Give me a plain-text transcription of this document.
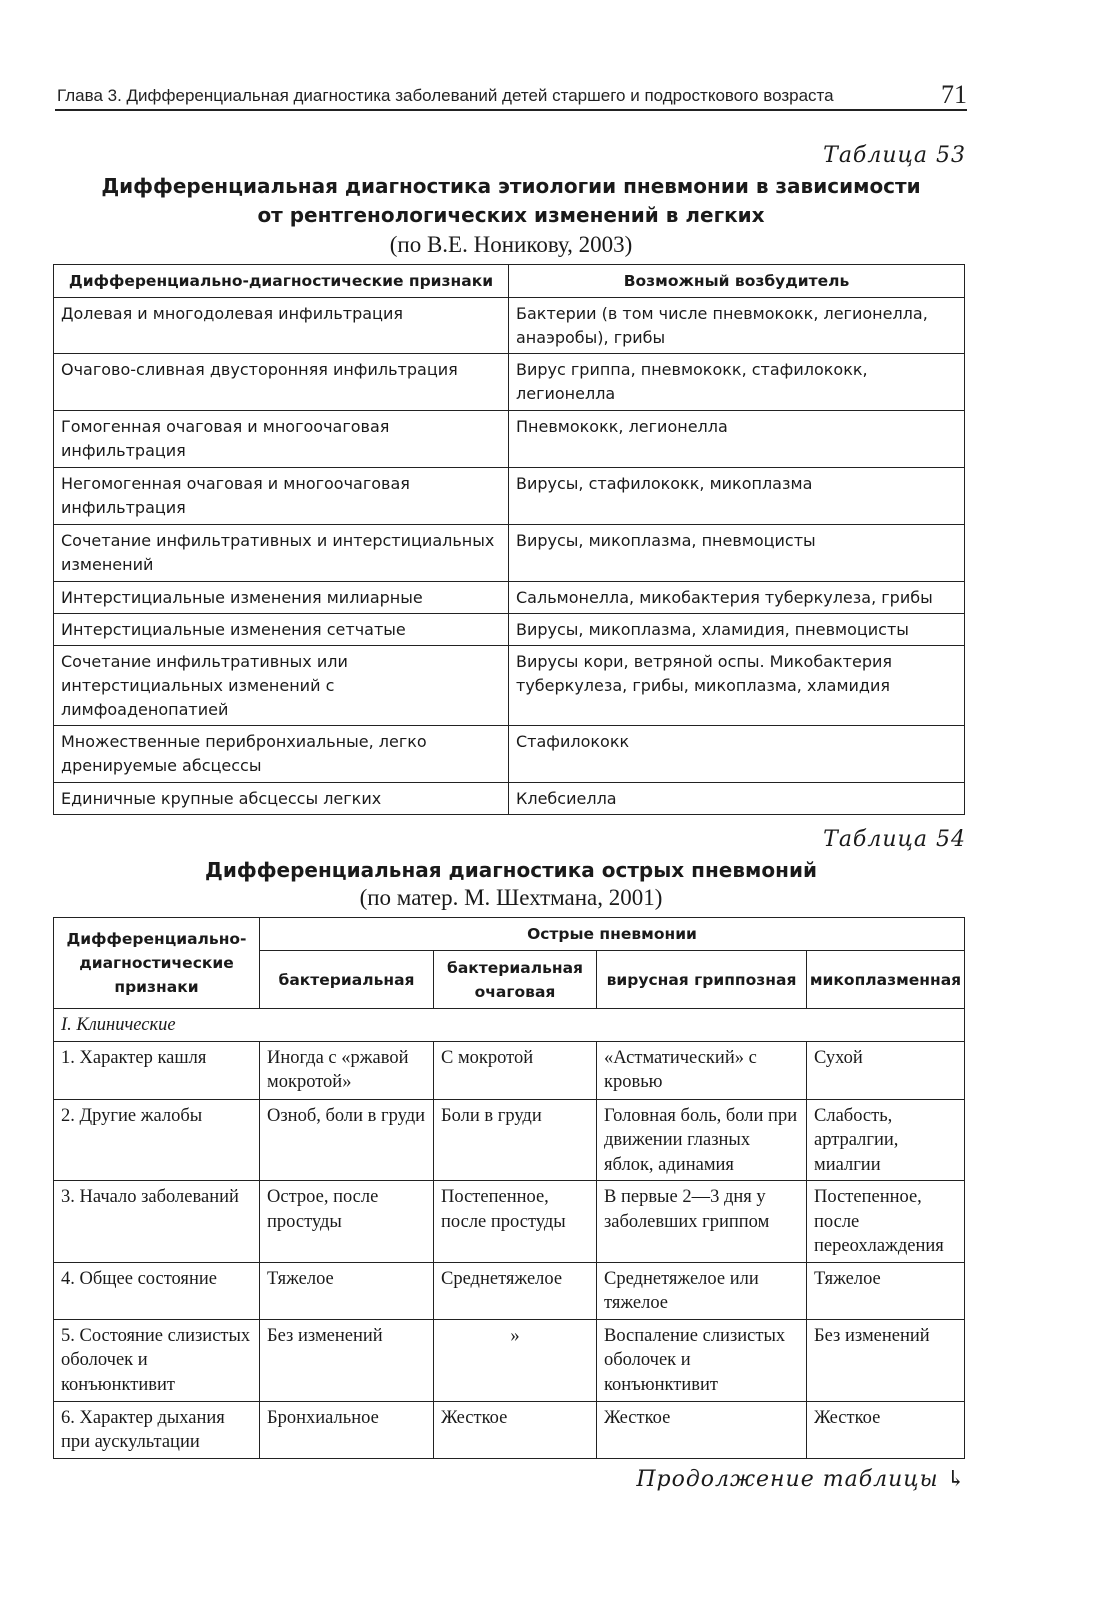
Глава 3. Дифференциальная диагностика заболеваний детей старшего и подросткового возраста	71
Таблица 53
Дифференциальная диагностика этиологии пневмонии в зависимости
от рентгенологических изменений в легких
(по В.Е. Ноникову, 2003)
Дифференциально-диагностические признаки	Возможный возбудитель
Долевая и многодолевая инфильтрация	Бактерии (в том числе пневмококк, легионелла, анаэробы), грибы
Очагово-сливная двусторонняя инфильтрация	Вирус гриппа, пневмококк, стафилококк, легионелла
Гомогенная очаговая и многоочаговая инфильтрация	Пневмококк, легионелла
Негомогенная очаговая и многоочаговая инфильтрация	Вирусы, стафилококк, микоплазма
Сочетание инфильтративных и интерстициальных изменений	Вирусы, микоплазма, пневмоцисты
Интерстициальные изменения милиарные	Сальмонелла, микобактерия туберкулеза, грибы
Интерстициальные изменения сетчатые	Вирусы, микоплазма, хламидия, пневмоцисты
Сочетание инфильтративных или интерстициальных изменений с лимфоаденопатией	Вирусы кори, ветряной оспы. Микобактерия туберкулеза, грибы, микоплазма, хламидия
Множественные перибронхиальные, легко дренируемые абсцессы	Стафилококк
Единичные крупные абсцессы легких	Клебсиелла
Таблица 54
Дифференциальная диагностика острых пневмоний
(по матер. М. Шехтмана, 2001)
Дифференциально-диагностические признаки	Острые пневмонии			
	бактериальная	бактериальная очаговая	вирусная гриппозная	микоплазменная
I. Клинические				
1. Характер кашля	Иногда с «ржавой мокротой»	С мокротой	«Астматический» с кровью	Сухой
2. Другие жалобы	Озноб, боли в груди	Боли в груди	Головная боль, боли при движении глазных яблок, адинамия	Слабость, артралгии, миалгии
3. Начало заболеваний	Острое, после простуды	Постепенное, после простуды	В первые 2—3 дня у заболевших гриппом	Постепенное, после переохлаждения
4. Общее состояние	Тяжелое	Среднетяжелое	Среднетяжелое или тяжелое	Тяжелое
5. Состояние слизистых оболочек и конъюнктивит	Без изменений	»	Воспаление слизистых оболочек и конъюнктивит	Без изменений
6. Характер дыхания при аускультации	Бронхиальное	Жесткое	Жесткое	Жесткое
Продолжение таблицы ↳
